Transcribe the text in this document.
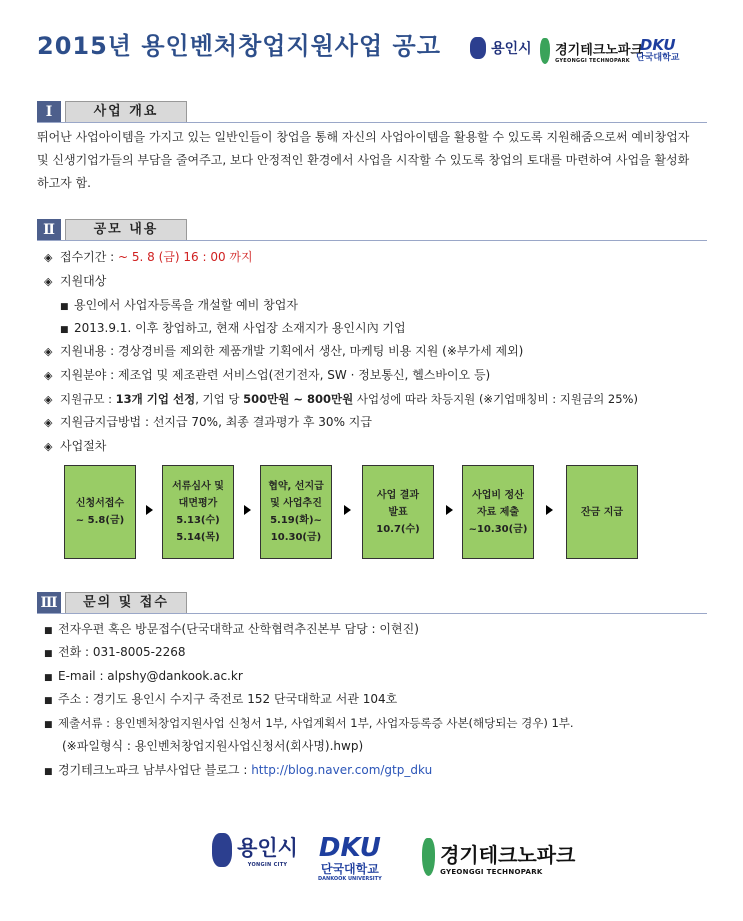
2015년 용인벤처창업지원사업 공고	용인시
경기테크노파크
GYEONGGI TECHNOPARK
DKU
단국대학교
Ⅰ	사업 개요
뛰어난 사업아이템을 가지고 있는 일반인들이 창업을 통해 자신의 사업아이템을 활용할 수 있도록 지원해줌으로써 예비창업자
및 신생기업가들의 부담을 줄여주고, 보다 안정적인 환경에서 사업을 시작할 수 있도록 창업의 토대를 마련하여 사업을 활성화
하고자 함.
Ⅱ	공모 내용
◈ 접수기간 : ~ 5. 8 (금) 16 : 00 까지
◈ 지원대상
■ 용인에서 사업자등록을 개설할 예비 창업자
■ 2013.9.1. 이후 창업하고, 현재 사업장 소재지가 용인시內 기업
◈ 지원내용 : 경상경비를 제외한 제품개발 기획에서 생산, 마케팅 비용 지원 (※부가세 제외)
◈ 지원분야 : 제조업 및 제조관련 서비스업(전기전자, SW · 정보통신, 헬스바이오 등)
◈ 지원규모 : 13개 기업 선정, 기업 당 500만원 ~ 800만원 사업성에 따라 차등지원 (※기업매칭비 : 지원금의 25%)
◈ 지원금지급방법 : 선지급 70%, 최종 결과평가 후 30% 지급
◈ 사업절차
신청서접수
~ 5.8(금)
서류심사 및
대면평가
5.13(수)
5.14(목)
협약, 선지급
및 사업추진
5.19(화)~
10.30(금)
사업 결과
발표
10.7(수)
사업비 정산
자료 제출
~10.30(금)
잔금 지급
Ⅲ	문의 및 접수
■ 전자우편 혹은 방문접수(단국대학교 산학협력추진본부 담당 : 이현진)
■ 전화 : 031-8005-2268
■ E-mail : alpshy@dankook.ac.kr
■ 주소 : 경기도 용인시 수지구 죽전로 152 단국대학교 서관 104호
■ 제출서류 : 용인벤처창업지원사업 신청서 1부, 사업계획서 1부, 사업자등록증 사본(해당되는 경우) 1부.
(※파일형식 : 용인벤처창업지원사업신청서(회사명).hwp)
■ 경기테크노파크 남부사업단 블로그 : http://blog.naver.com/gtp_dku

용인시
YONGIN CITY
DKU
단국대학교
DANKOOK UNIVERSITY

경기테크노파크
GYEONGGI TECHNOPARK
